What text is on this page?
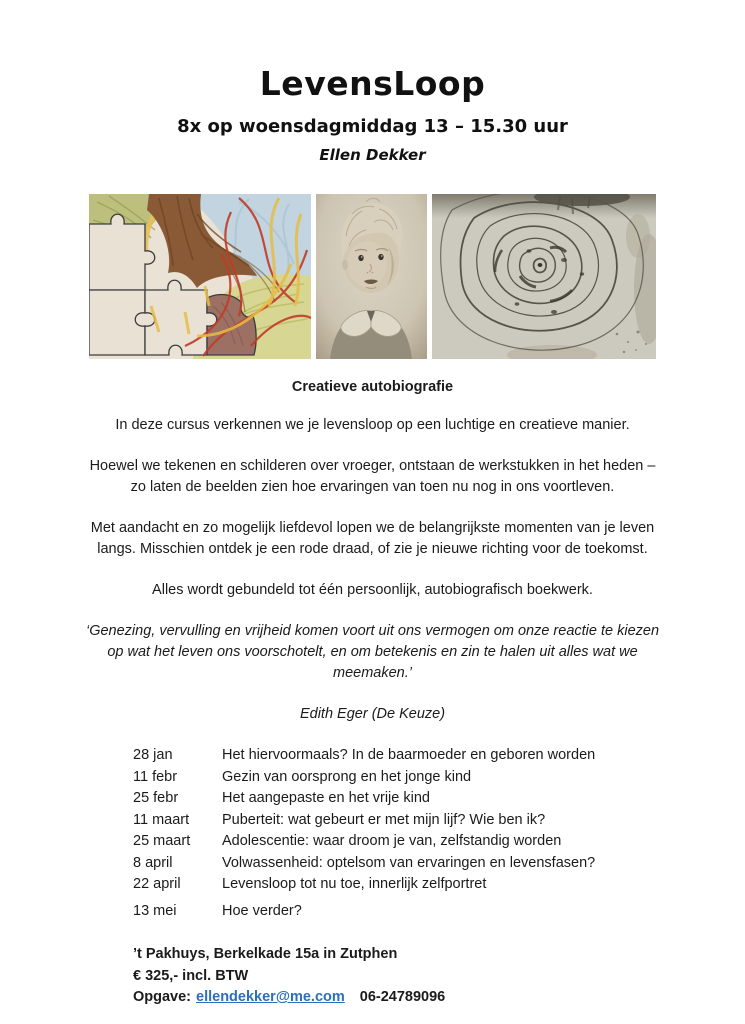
LevensLoop
8x op woensdagmiddag 13 – 15.30 uur
Ellen Dekker
Creatieve autobiografie

In deze cursus verkennen we je levensloop op een luchtige en creatieve manier.

Hoewel we tekenen en schilderen over vroeger, ontstaan de werkstukken in het heden – zo laten de beelden zien hoe ervaringen van toen nu nog in ons voortleven.

Met aandacht en zo mogelijk liefdevol lopen we de belangrijkste momenten van je leven langs. Misschien ontdek je een rode draad, of zie je nieuwe richting voor de toekomst.

Alles wordt gebundeld tot één persoonlijk, autobiografisch boekwerk.

‘Genezing, vervulling en vrijheid komen voort uit ons vermogen om onze reactie te kiezen op wat het leven ons voorschotelt, en om betekenis en zin te halen uit alles wat we meemaken.’

Edith Eger (De Keuze)

28 jan	Het hiervoormaals? In de baarmoeder en geboren worden
11 febr	Gezin van oorsprong en het jonge kind
25 febr	Het aangepaste en het vrije kind
11 maart	Puberteit: wat gebeurt er met mijn lijf? Wie ben ik?
25 maart	Adolescentie: waar droom je van, zelfstandig worden
8 april	Volwassenheid: optelsom van ervaringen en levensfasen?
22 april	Levensloop tot nu toe, innerlijk zelfportret
13 mei	Hoe verder?
’t Pakhuys, Berkelkade 15a in Zutphen
€ 325,- incl. BTW
Opgave: ellendekker@me.com 06-24789096
